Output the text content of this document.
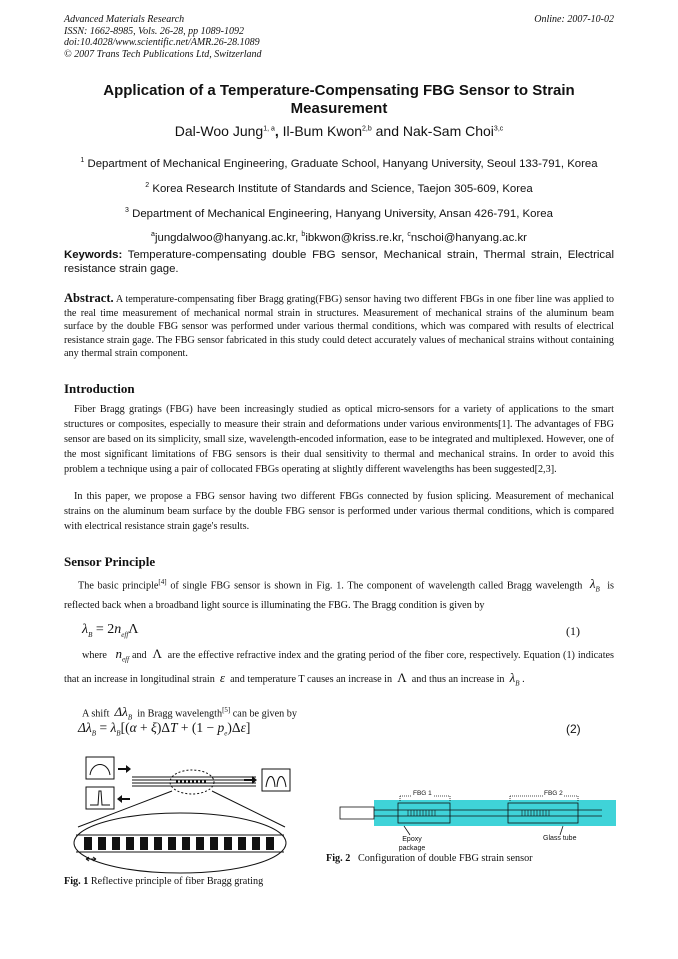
Advanced Materials Research
ISSN: 1662-8985, Vols. 26-28, pp 1089-1092
doi:10.4028/www.scientific.net/AMR.26-28.1089
© 2007 Trans Tech Publications Ltd, Switzerland
Online: 2007-10-02
Application of a Temperature-Compensating FBG Sensor to Strain
Measurement
Dal-Woo Jung$^{1, a}$, Il-Bum Kwon$^{2,b}$ and Nak-Sam Choi$^{3,c}$
$^1$ Department of Mechanical Engineering, Graduate School, Hanyang University, Seoul 133-791, Korea
$^2$ Korea Research Institute of Standards and Science, Taejon 305-609, Korea
$^3$ Department of Mechanical Engineering, Hanyang University, Ansan 426-791, Korea
$^a$jungdalwoo@hanyang.ac.kr, $^b$ibkwon@kriss.re.kr, $^c$nschoi@hanyang.ac.kr
Keywords: Temperature-compensating double FBG sensor, Mechanical strain, Thermal strain, Electrical resistance strain gage.
Abstract. A temperature-compensating fiber Bragg grating(FBG) sensor having two different FBGs in one fiber line was applied to the real time measurement of mechanical normal strain in structures. Measurement of mechanical strains of the aluminum beam surface by the double FBG sensor was performed under various thermal conditions, which was compared with results of electrical resistance strain gage. The FBG sensor fabricated in this study could detect accurately values of mechanical strains without containing any thermal strain component.
Introduction
Fiber Bragg gratings (FBG) have been increasingly studied as optical micro-sensors for a variety of applications to the smart structures or composites, especially to measure their strain and deformations under various environments[1]. The advantages of FBG sensor are based on its simplicity, small size, wavelength-encoded information, ease to be integrated and multiplexed. However, one of the most significant limitations of FBG sensors is their dual sensitivity to thermal and mechanical strains. In order to avoid this problem a technique using a pair of collocated FBGs operating at slightly different wavelengths has been suggested[2,3].
In this paper, we propose a FBG sensor having two different FBGs connected by fusion splicing. Measurement of mechanical strains on the aluminum beam surface by the double FBG sensor is performed under various thermal conditions, which is compared with electrical resistance strain gage's results.
Sensor Principle
The basic principle[4] of single FBG sensor is shown in Fig. 1. The component of wavelength called Bragg wavelength $\lambda_B$ is reflected back when a broadband light source is illuminating the FBG. The Bragg condition is given by
$\lambda_B = 2n_{eff}\Lambda$	(1)
where $n_{eff}$ and Λ are the effective refractive index and the grating period of the fiber core, respectively. Equation (1) indicates that an increase in longitudinal strain ε and temperature T causes an increase in Λ and thus an increase in $\lambda_B$ .
A shift $\Delta\lambda_B$ in Bragg wavelength[5] can be given by
$\Delta\lambda_B = \lambda_B[(\alpha + \xi)\Delta T + (1 - p_e)\Delta\varepsilon]$	(2)
Fig. 1 Reflective principle of fiber Bragg grating
FBG 1	FBG 2
Epoxy package
Glass tube
Fig. 2   Configuration of double FBG strain sensor
